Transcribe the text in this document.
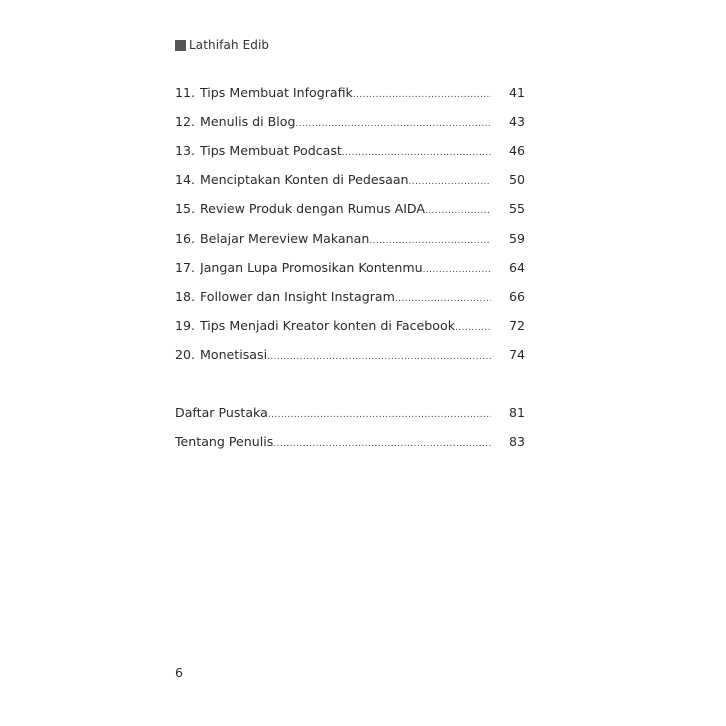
Lathifah Edib
11. Tips Membuat Infografik .....	41
12. Menulis di Blog .....	43
13. Tips Membuat Podcast .....	46
14. Menciptakan Konten di Pedesaan .....	50
15. Review Produk dengan Rumus AIDA .....	55
16. Belajar Mereview Makanan .....	59
17. Jangan Lupa Promosikan Kontenmu .....	64
18. Follower dan Insight Instagram .....	66
19. Tips Menjadi Kreator konten di Facebook .....	72
20. Monetisasi .....	74
Daftar Pustaka .....	81
Tentang Penulis .....	83
6
